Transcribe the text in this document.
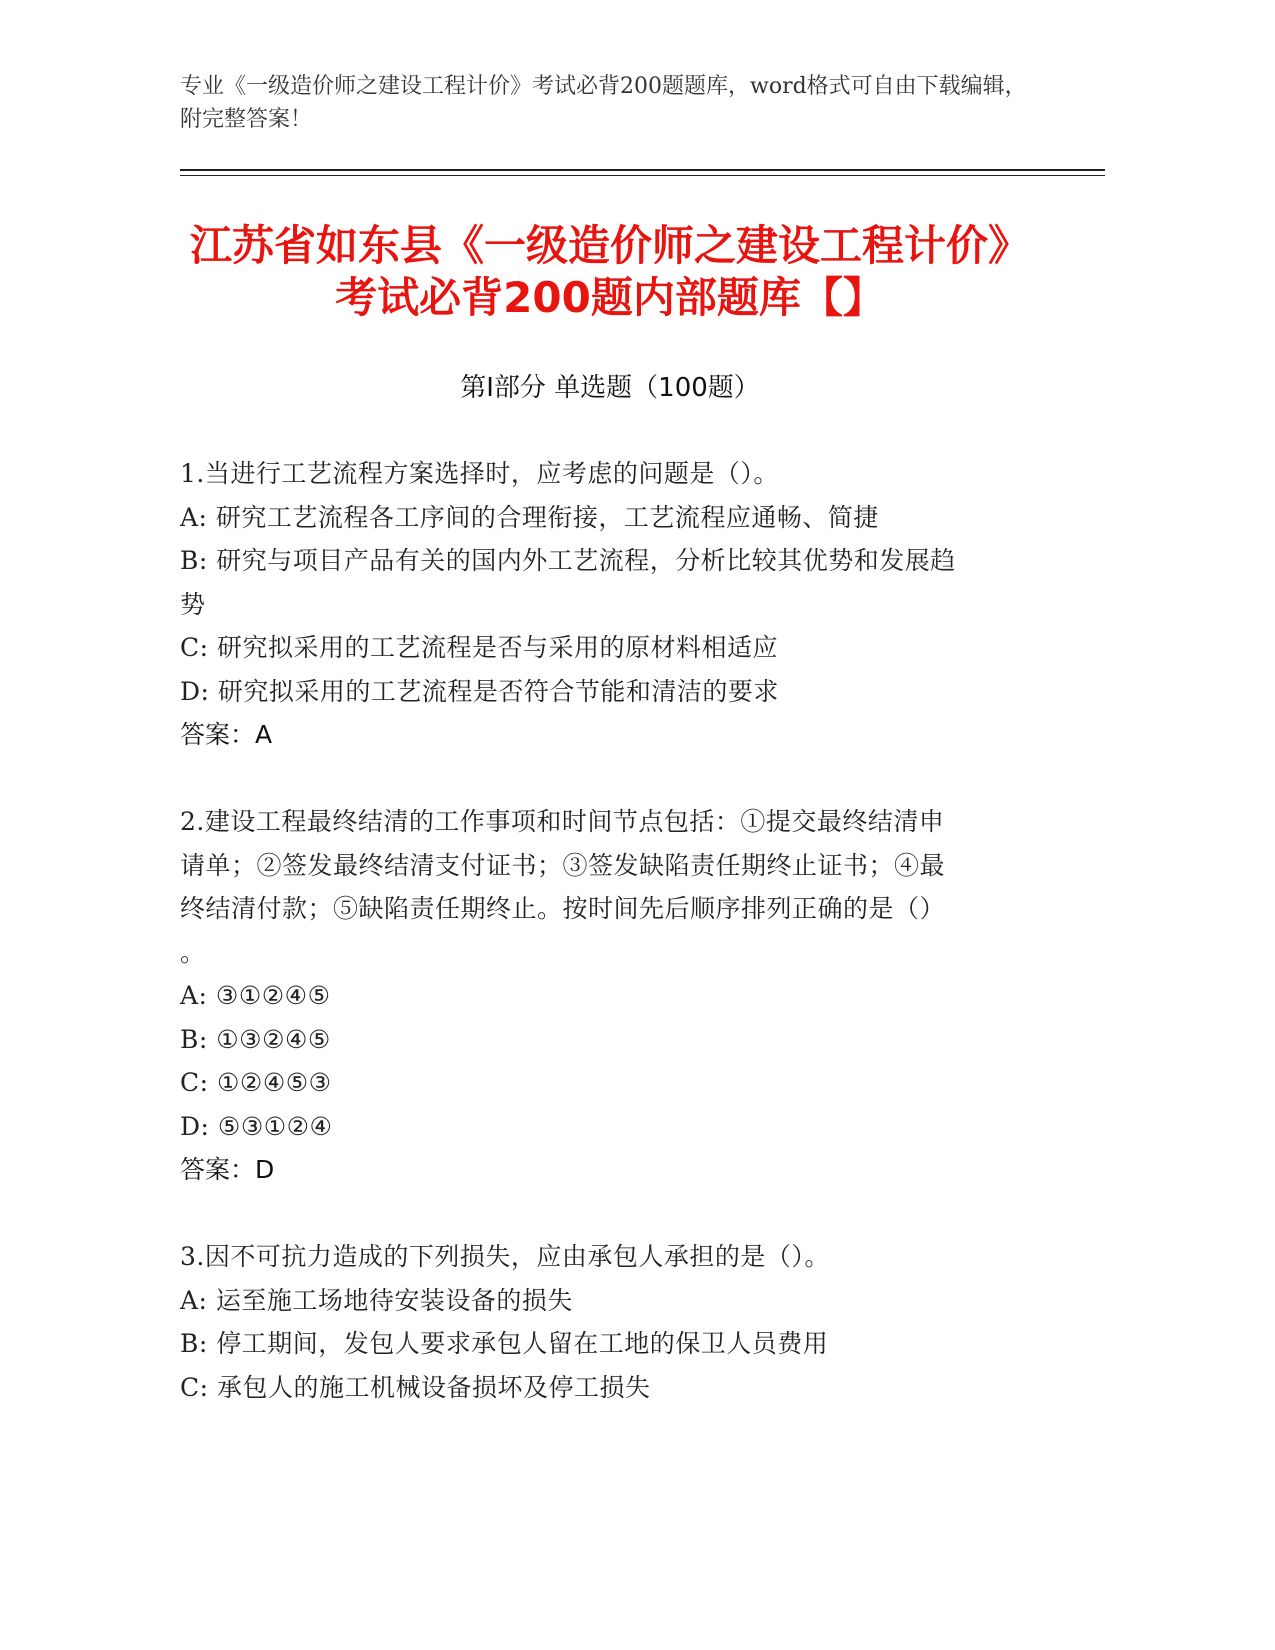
专业《一级造价师之建设工程计价》考试必背200题题库，word格式可自由下载编辑，附完整答案！
江苏省如东县《一级造价师之建设工程计价》考试必背200题内部题库【】
第I部分 单选题（100题）
1.当进行工艺流程方案选择时，应考虑的问题是（）。
A: 研究工艺流程各工序间的合理衔接，工艺流程应通畅、简捷
B: 研究与项目产品有关的国内外工艺流程，分析比较其优势和发展趋
势
C: 研究拟采用的工艺流程是否与采用的原材料相适应
D: 研究拟采用的工艺流程是否符合节能和清洁的要求
答案：A
2.建设工程最终结清的工作事项和时间节点包括：①提交最终结清申
请单；②签发最终结清支付证书；③签发缺陷责任期终止证书；④最
终结清付款；⑤缺陷责任期终止。按时间先后顺序排列正确的是（）
。
A: ③①②④⑤
B: ①③②④⑤
C: ①②④⑤③
D: ⑤③①②④
答案：D
3.因不可抗力造成的下列损失，应由承包人承担的是（）。
A: 运至施工场地待安装设备的损失
B: 停工期间，发包人要求承包人留在工地的保卫人员费用
C: 承包人的施工机械设备损坏及停工损失
